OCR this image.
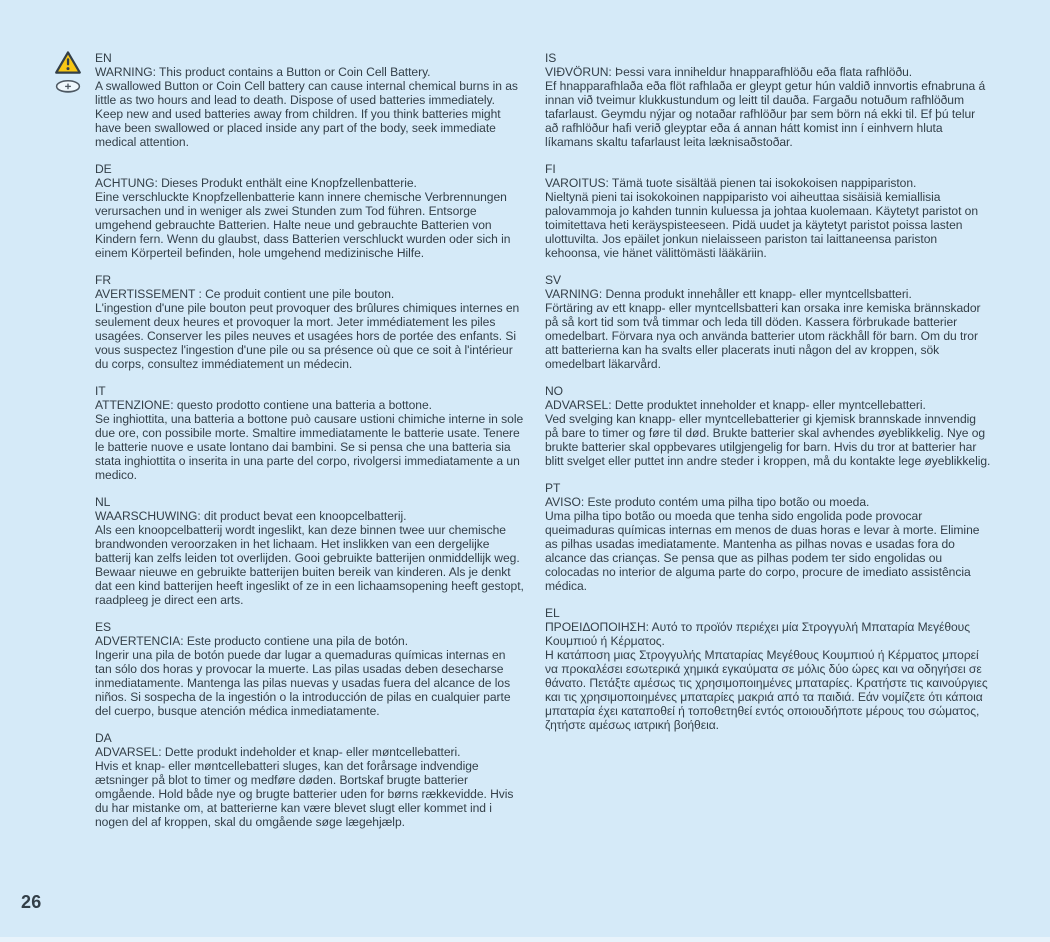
EN
WARNING: This product contains a Button or Coin Cell Battery.
A swallowed Button or Coin Cell battery can cause internal chemical burns in as little as two hours and lead to death. Dispose of used batteries immediately. Keep new and used batteries away from children. If you think batteries might have been swallowed or placed inside any part of the body, seek immediate medical attention.
DE
ACHTUNG: Dieses Produkt enthält eine Knopfzellenbatterie.
Eine verschluckte Knopfzellenbatterie kann innere chemische Verbrennungen verursachen und in weniger als zwei Stunden zum Tod führen. Entsorge umgehend gebrauchte Batterien. Halte neue und gebrauchte Batterien von Kindern fern. Wenn du glaubst, dass Batterien verschluckt wurden oder sich in einem Körperteil befinden, hole umgehend medizinische Hilfe.
FR
AVERTISSEMENT : Ce produit contient une pile bouton.
L'ingestion d'une pile bouton peut provoquer des brûlures chimiques internes en seulement deux heures et provoquer la mort. Jeter immédiatement les piles usagées. Conserver les piles neuves et usagées hors de portée des enfants. Si vous suspectez l'ingestion d'une pile ou sa présence où que ce soit à l'intérieur du corps, consultez immédiatement un médecin.
IT
ATTENZIONE: questo prodotto contiene una batteria a bottone.
Se inghiottita, una batteria a bottone può causare ustioni chimiche interne in sole due ore, con possibile morte. Smaltire immediatamente le batterie usate. Tenere le batterie nuove e usate lontano dai bambini. Se si pensa che una batteria sia stata inghiottita o inserita in una parte del corpo, rivolgersi immediatamente a un medico.
NL
WAARSCHUWING: dit product bevat een knoopcelbatterij.
Als een knoopcelbatterij wordt ingeslikt, kan deze binnen twee uur chemische brandwonden veroorzaken in het lichaam. Het inslikken van een dergelijke batterij kan zelfs leiden tot overlijden. Gooi gebruikte batterijen onmiddellijk weg. Bewaar nieuwe en gebruikte batterijen buiten bereik van kinderen. Als je denkt dat een kind batterijen heeft ingeslikt of ze in een lichaamsopening heeft gestopt, raadpleeg je direct een arts.
ES
ADVERTENCIA: Este producto contiene una pila de botón.
Ingerir una pila de botón puede dar lugar a quemaduras químicas internas en tan sólo dos horas y provocar la muerte. Las pilas usadas deben desecharse inmediatamente. Mantenga las pilas nuevas y usadas fuera del alcance de los niños. Si sospecha de la ingestión o la introducción de pilas en cualquier parte del cuerpo, busque atención médica inmediatamente.
DA
ADVARSEL: Dette produkt indeholder et knap- eller møntcellebatteri.
Hvis et knap- eller møntcellebatteri sluges, kan det forårsage indvendige ætsninger på blot to timer og medføre døden. Bortskaf brugte batterier omgående. Hold både nye og brugte batterier uden for børns rækkevidde. Hvis du har mistanke om, at batterierne kan være blevet slugt eller kommet ind i nogen del af kroppen, skal du omgående søge lægehjælp.
IS
VIÐVÖRUN: Þessi vara inniheldur hnapparafhlöðu eða flata rafhlöðu.
Ef hnapparafhlaða eða flöt rafhlaða er gleypt getur hún valdið innvortis efnabruna á innan við tveimur klukkustundum og leitt til dauða. Fargaðu notuðum rafhlöðum tafarlaust. Geymdu nýjar og notaðar rafhlöður þar sem börn ná ekki til. Ef þú telur að rafhlöður hafi verið gleyptar eða á annan hátt komist inn í einhvern hluta líkamans skaltu tafarlaust leita læknisaðstoðar.
FI
VAROITUS: Tämä tuote sisältää pienen tai isokokoisen nappipariston.
Nieltynä pieni tai isokokoinen nappiparisto voi aiheuttaa sisäisiä kemiallisia palovammoja jo kahden tunnin kuluessa ja johtaa kuolemaan. Käytetyt paristot on toimitettava heti keräyspisteeseen. Pidä uudet ja käytetyt paristot poissa lasten ulottuvilta. Jos epäilet jonkun nielaisseen pariston tai laittaneensa pariston kehoonsa, vie hänet välittömästi lääkäriin.
SV
VARNING: Denna produkt innehåller ett knapp- eller myntcellsbatteri.
Förtäring av ett knapp- eller myntcellsbatteri kan orsaka inre kemiska brännskador på så kort tid som två timmar och leda till döden. Kassera förbrukade batterier omedelbart. Förvara nya och använda batterier utom räckhåll för barn. Om du tror att batterierna kan ha svalts eller placerats inuti någon del av kroppen, sök omedelbart läkarvård.
NO
ADVARSEL: Dette produktet inneholder et knapp- eller myntcellebatteri.
Ved svelging kan knapp- eller myntcellebatterier gi kjemisk brannskade innvendig på bare to timer og føre til død. Brukte batterier skal avhendes øyeblikkelig. Nye og brukte batterier skal oppbevares utilgjengelig for barn. Hvis du tror at batterier har blitt svelget eller puttet inn andre steder i kroppen, må du kontakte lege øyeblikkelig.
PT
AVISO: Este produto contém uma pilha tipo botão ou moeda.
Uma pilha tipo botão ou moeda que tenha sido engolida pode provocar queimaduras químicas internas em menos de duas horas e levar à morte. Elimine as pilhas usadas imediatamente. Mantenha as pilhas novas e usadas fora do alcance das crianças. Se pensa que as pilhas podem ter sido engolidas ou colocadas no interior de alguma parte do corpo, procure de imediato assistência médica.
EL
ΠΡΟΕΙΔΟΠΟΙΗΣΗ: Αυτό το προϊόν περιέχει μία Στρογγυλή Μπαταρία Μεγέθους Κουμπιού ή Κέρματος.
Η κατάποση μιας Στρογγυλής Μπαταρίας Μεγέθους Κουμπιού ή Κέρματος μπορεί να προκαλέσει εσωτερικά χημικά εγκαύματα σε μόλις δύο ώρες και να οδηγήσει σε θάνατο. Πετάξτε αμέσως τις χρησιμοποιημένες μπαταρίες. Κρατήστε τις καινούργιες και τις χρησιμοποιημένες μπαταρίες μακριά από τα παιδιά. Εάν νομίζετε ότι κάποια μπαταρία έχει καταποθεί ή τοποθετηθεί εντός οποιουδήποτε μέρους του σώματος, ζητήστε αμέσως ιατρική βοήθεια.
26
